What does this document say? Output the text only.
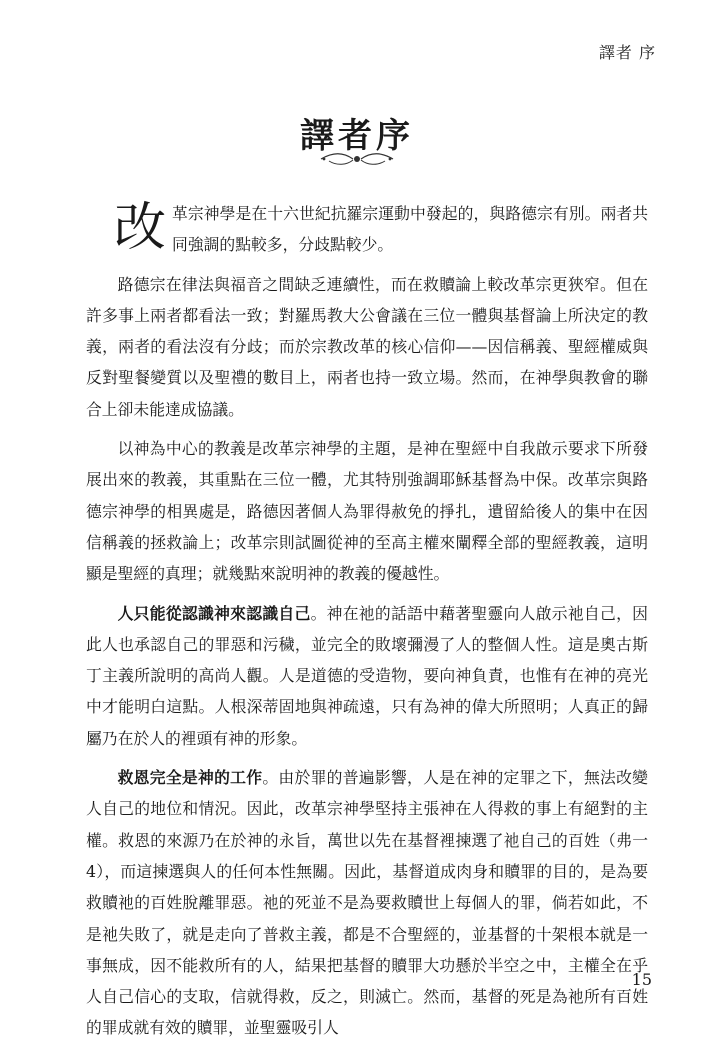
譯者 序
譯者序

改 革宗神學是在十六世紀抗羅宗運動中發起的，與路德宗有別。兩者共同強調的點較多，分歧點較少。

路德宗在律法與福音之間缺乏連續性，而在救贖論上較改革宗更狹窄。但在許多事上兩者都看法一致；對羅馬教大公會議在三位一體與基督論上所決定的教義，兩者的看法沒有分歧；而於宗教改革的核心信仰——因信稱義、聖經權威與反對聖餐變質以及聖禮的數目上，兩者也持一致立場。然而，在神學與教會的聯合上卻未能達成協議。

以神為中心的教義是改革宗神學的主題，是神在聖經中自我啟示要求下所發展出來的教義，其重點在三位一體，尤其特別強調耶穌基督為中保。改革宗與路德宗神學的相異處是，路德因著個人為罪得赦免的掙扎，遺留給後人的集中在因信稱義的拯救論上；改革宗則試圖從神的至高主權來闡釋全部的聖經教義，這明顯是聖經的真理；就幾點來說明神的教義的優越性。

人只能從認識神來認識自己。神在祂的話語中藉著聖靈向人啟示祂自己，因此人也承認自己的罪惡和污穢，並完全的敗壞彌漫了人的整個人性。這是奧古斯丁主義所說明的高尚人觀。人是道德的受造物，要向神負責，也惟有在神的亮光中才能明白這點。人根深蒂固地與神疏遠，只有為神的偉大所照明；人真正的歸屬乃在於人的裡頭有神的形象。

救恩完全是神的工作。由於罪的普遍影響，人是在神的定罪之下，無法改變人自己的地位和情況。因此，改革宗神學堅持主張神在人得救的事上有絕對的主權。救恩的來源乃在於神的永旨，萬世以先在基督裡揀選了祂自己的百姓（弗一4），而這揀選與人的任何本性無關。因此，基督道成肉身和贖罪的目的，是為要救贖祂的百姓脫離罪惡。祂的死並不是為要救贖世上每個人的罪，倘若如此，不是祂失敗了，就是走向了普救主義，都是不合聖經的，並基督的十架根本就是一事無成，因不能救所有的人，結果把基督的贖罪大功懸於半空之中，主權全在乎人自己信心的支取，信就得救，反之，則滅亡。然而，基督的死是為祂所有百姓的罪成就有效的贖罪，並聖靈吸引人

15
